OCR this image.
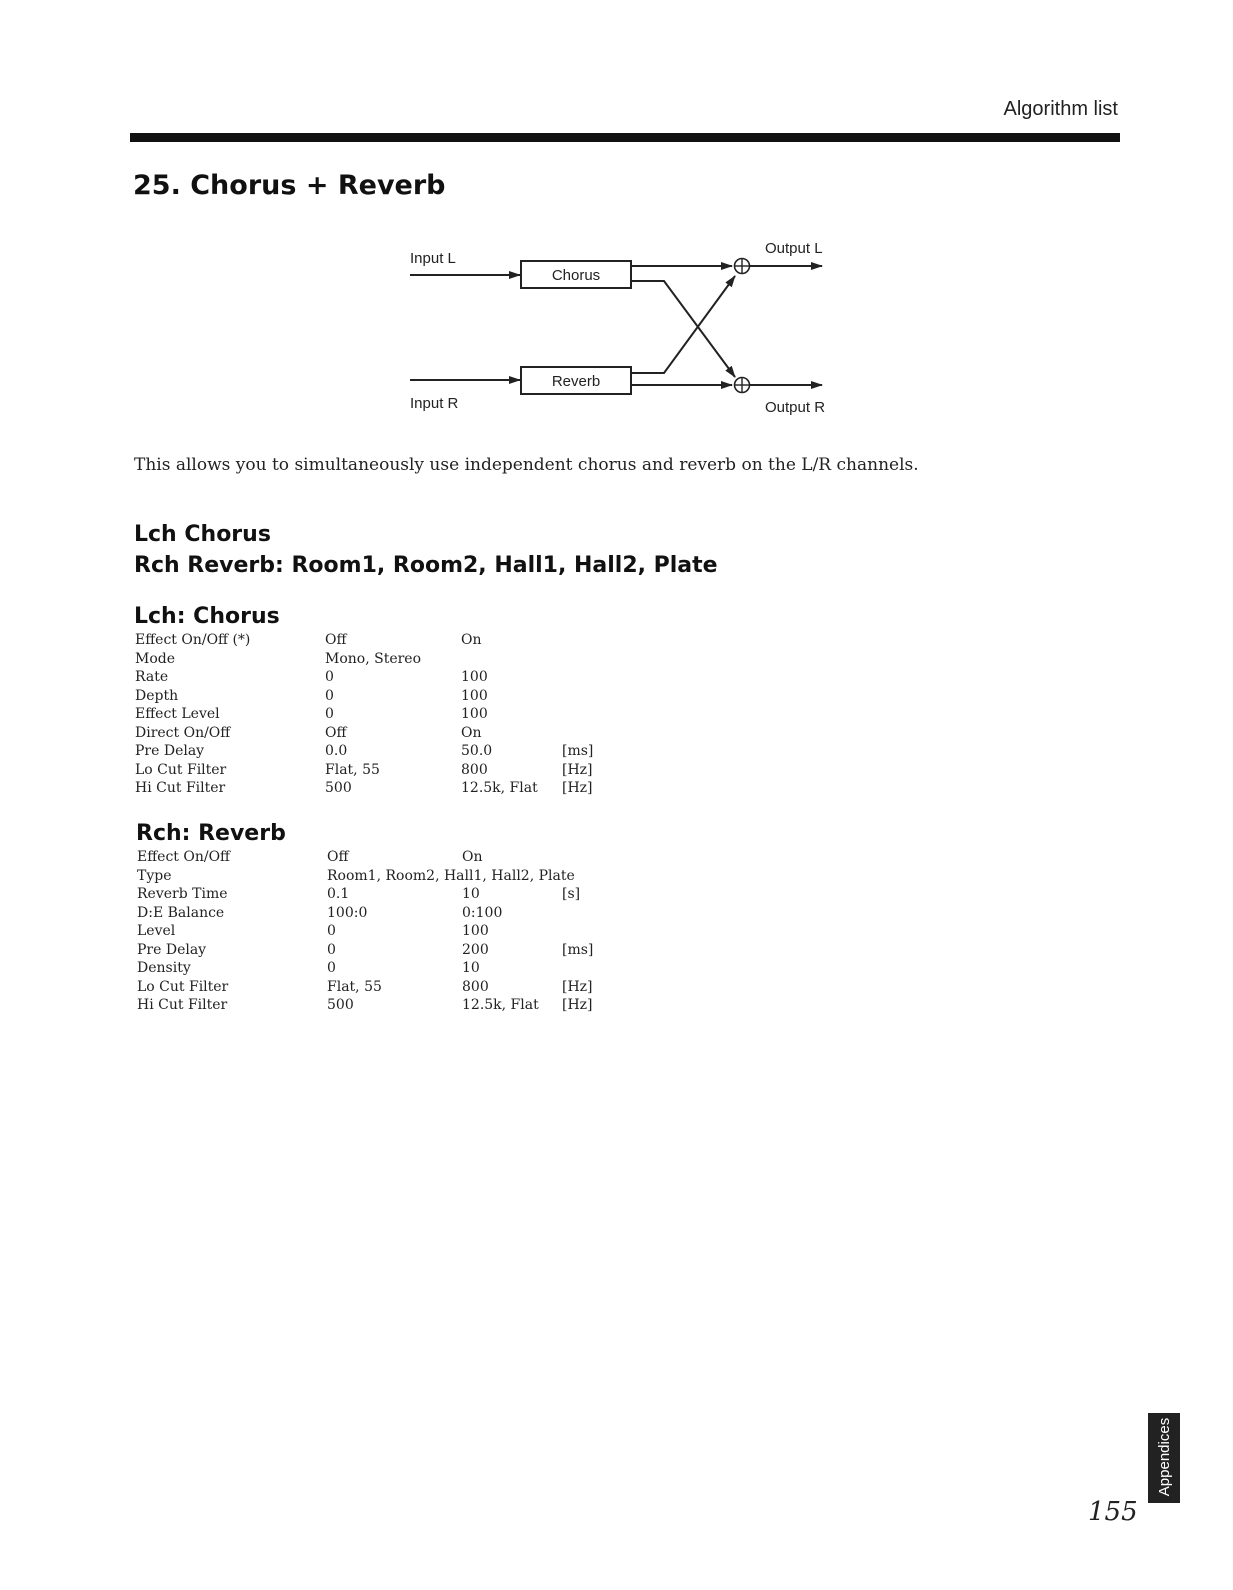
Algorithm list
25. Chorus + Reverb
Input L
Input R
Output L
Output R
Chorus
Reverb

This allows you to simultaneously use independent chorus and reverb on the L/R channels.

Lch Chorus
Rch Reverb: Room1, Room2, Hall1, Hall2, Plate
Lch: Chorus
Effect On/Off (*)	Off	On
Mode	Mono, Stereo
Rate	0	100
Depth	0	100
Effect Level	0	100
Direct On/Off	Off	On
Pre Delay	0.0	50.0	[ms]
Lo Cut Filter	Flat, 55	800	[Hz]
Hi Cut Filter	500	12.5k, Flat [Hz]
Rch: Reverb
Effect On/Off	Off	On
Type	Room1, Room2, Hall1, Hall2, Plate
Reverb Time	0.1	10	[s]
D:E Balance	100:0	0:100
Level	0	100
Pre Delay	0	200	[ms]
Density	0	10
Lo Cut Filter	Flat, 55	800	[Hz]
Hi Cut Filter	500	12.5k, Flat [Hz]
Appendices
155
